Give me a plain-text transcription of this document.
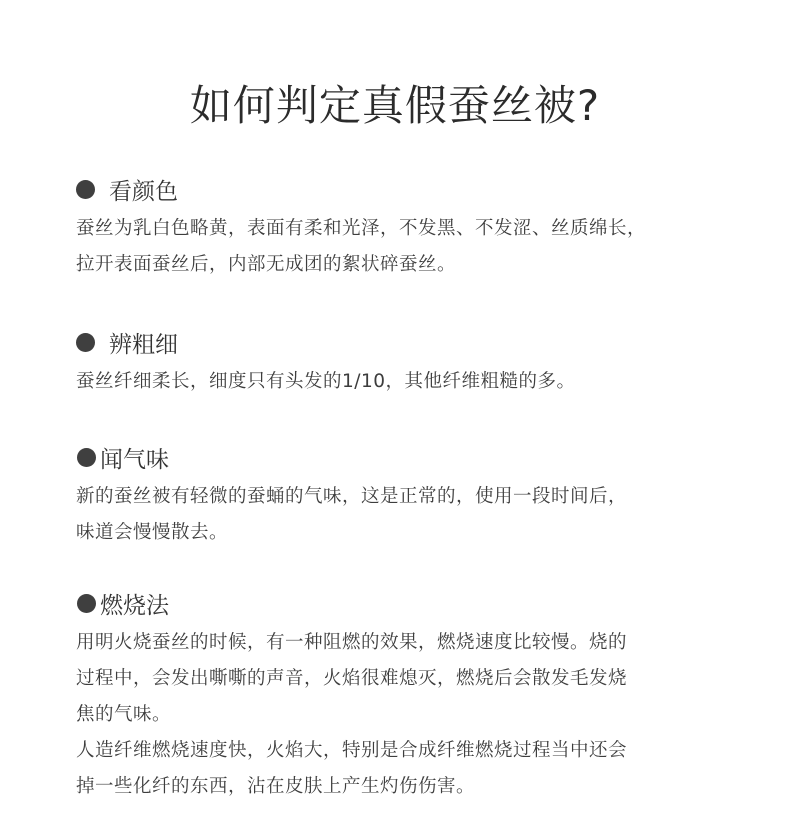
如何判定真假蚕丝被?
看颜色

蚕丝为乳白色略黄，表面有柔和光泽，不发黑、不发涩、丝质绵长，

拉开表面蚕丝后，内部无成团的絮状碎蚕丝。

辨粗细

蚕丝纤细柔长，细度只有头发的1/10，其他纤维粗糙的多。

闻气味

新的蚕丝被有轻微的蚕蛹的气味，这是正常的，使用一段时间后，

味道会慢慢散去。

燃烧法

用明火烧蚕丝的时候，有一种阻燃的效果，燃烧速度比较慢。烧的

过程中，会发出嘶嘶的声音，火焰很难熄灭，燃烧后会散发毛发烧

焦的气味。

人造纤维燃烧速度快，火焰大，特别是合成纤维燃烧过程当中还会

掉一些化纤的东西，沾在皮肤上产生灼伤伤害。
